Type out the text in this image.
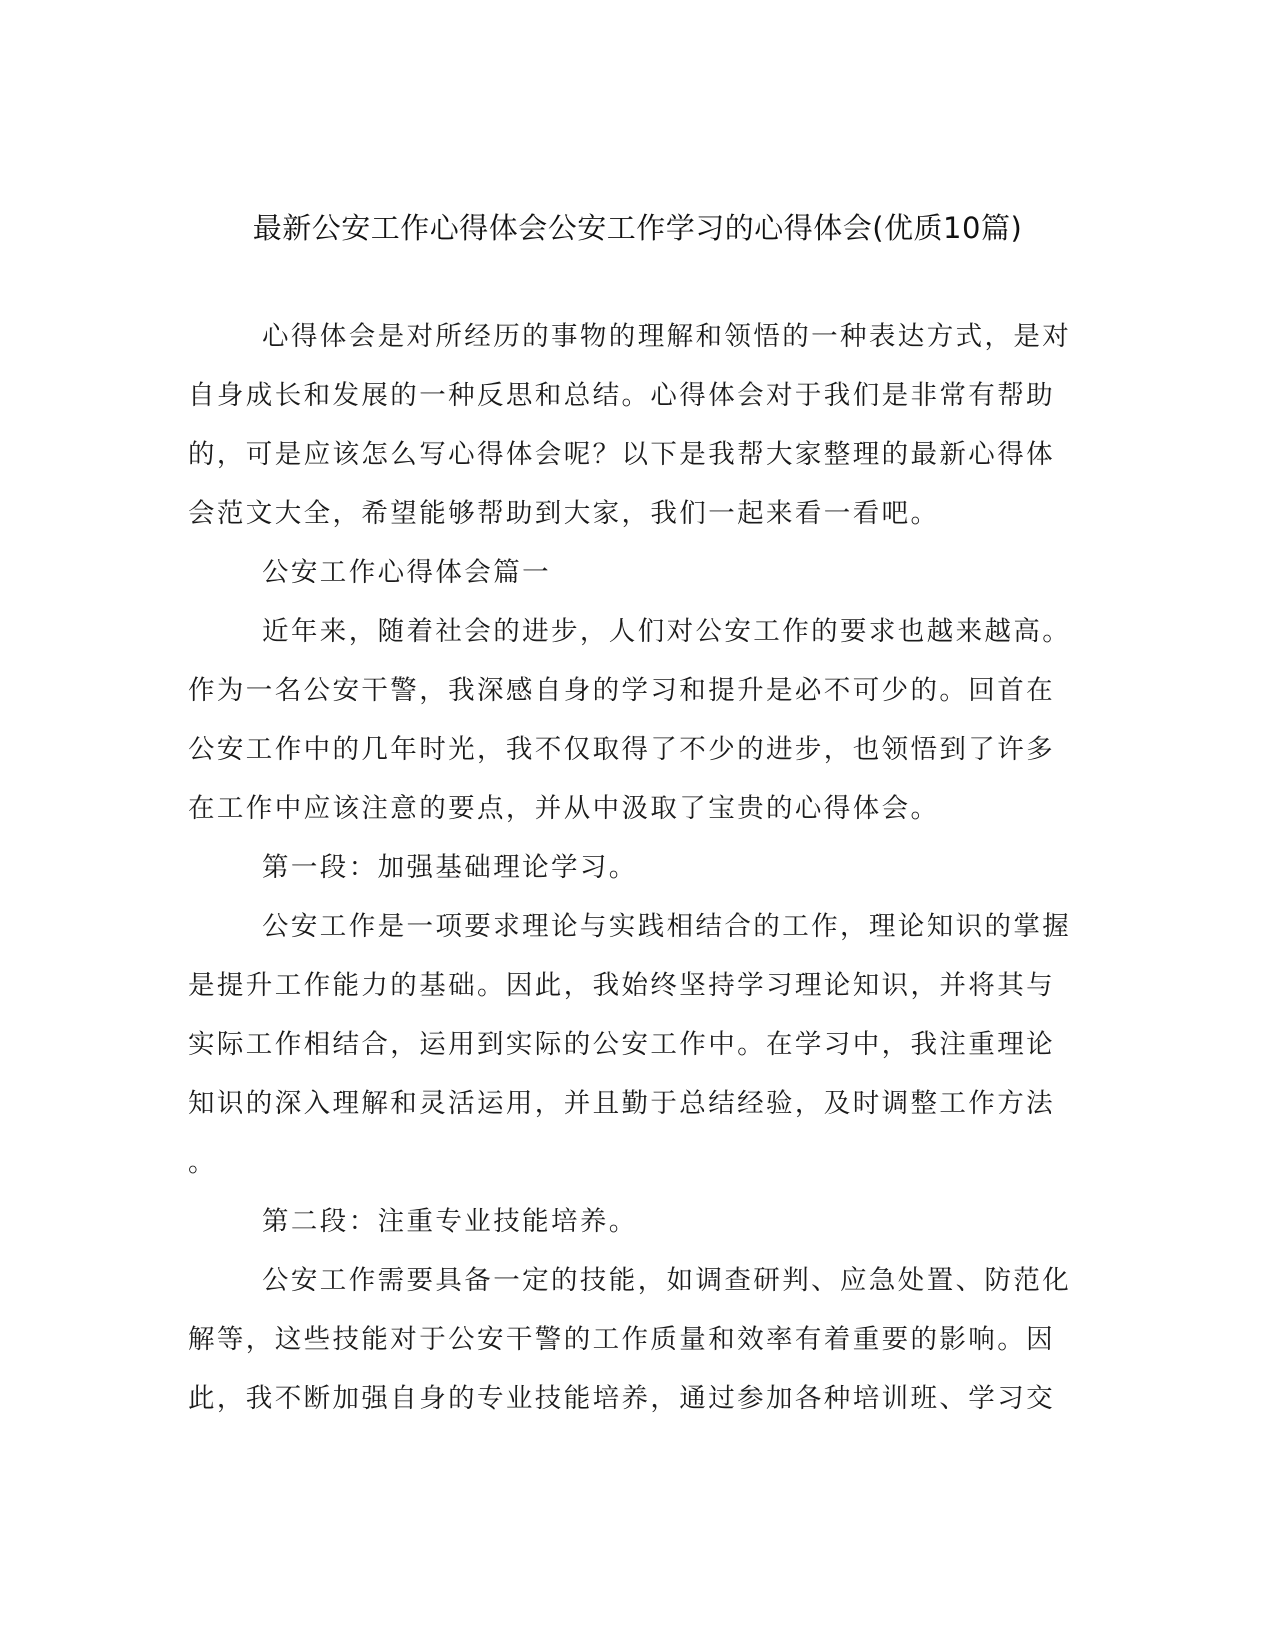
最新公安工作心得体会公安工作学习的心得体会(优质10篇)
心得体会是对所经历的事物的理解和领悟的一种表达方式，是对
自身成长和发展的一种反思和总结。心得体会对于我们是非常有帮助
的，可是应该怎么写心得体会呢？以下是我帮大家整理的最新心得体
会范文大全，希望能够帮助到大家，我们一起来看一看吧。
公安工作心得体会篇一
近年来，随着社会的进步，人们对公安工作的要求也越来越高。
作为一名公安干警，我深感自身的学习和提升是必不可少的。回首在
公安工作中的几年时光，我不仅取得了不少的进步，也领悟到了许多
在工作中应该注意的要点，并从中汲取了宝贵的心得体会。
第一段：加强基础理论学习。
公安工作是一项要求理论与实践相结合的工作，理论知识的掌握
是提升工作能力的基础。因此，我始终坚持学习理论知识，并将其与
实际工作相结合，运用到实际的公安工作中。在学习中，我注重理论
知识的深入理解和灵活运用，并且勤于总结经验，及时调整工作方法
。
第二段：注重专业技能培养。
公安工作需要具备一定的技能，如调查研判、应急处置、防范化
解等，这些技能对于公安干警的工作质量和效率有着重要的影响。因
此，我不断加强自身的专业技能培养，通过参加各种培训班、学习交
